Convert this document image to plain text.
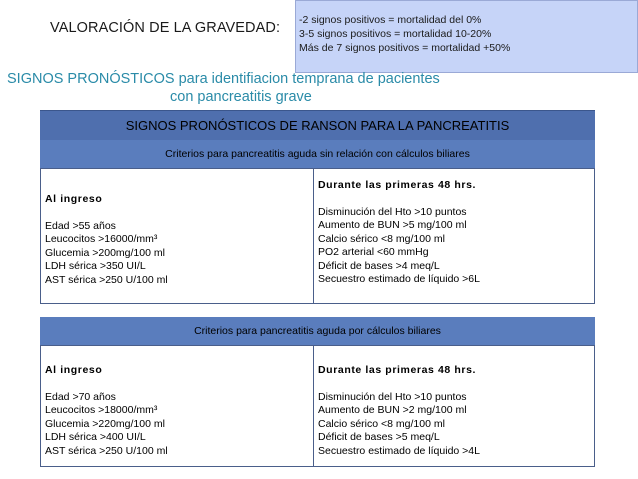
VALORACIÓN DE LA GRAVEDAD: -2 signos positivos = mortalidad del 0%
3-5 signos positivos = mortalidad 10-20%
Más de 7 signos positivos = mortalidad +50%
SIGNOS PRONÓSTICOS para identifiacion temprana de pacientes
con pancreatitis grave
SIGNOS PRONÓSTICOS DE RANSON PARA LA PANCREATITIS
Criterios para pancreatitis aguda sin relación con cálculos biliares
Al ingreso
Edad >55 años
Leucocitos >16000/mm³
Glucemia >200mg/100 ml
LDH sérica >350 UI/L
AST sérica >250 U/100 ml
Durante las primeras 48 hrs.
Disminución del Hto >10 puntos
Aumento de BUN >5 mg/100 ml
Calcio sérico <8 mg/100 ml
PO2 arterial <60 mmHg
Déficit de bases >4 meq/L
Secuestro estimado de líquido >6L
Criterios para pancreatitis aguda por cálculos biliares
Al ingreso
Edad >70 años
Leucocitos >18000/mm³
Glucemia >220mg/100 ml
LDH sérica >400 UI/L
AST sérica >250 U/100 ml
Durante las primeras 48 hrs.
Disminución del Hto >10 puntos
Aumento de BUN >2 mg/100 ml
Calcio sérico <8 mg/100 ml
Déficit de bases >5 meq/L
Secuestro estimado de líquido >4L
